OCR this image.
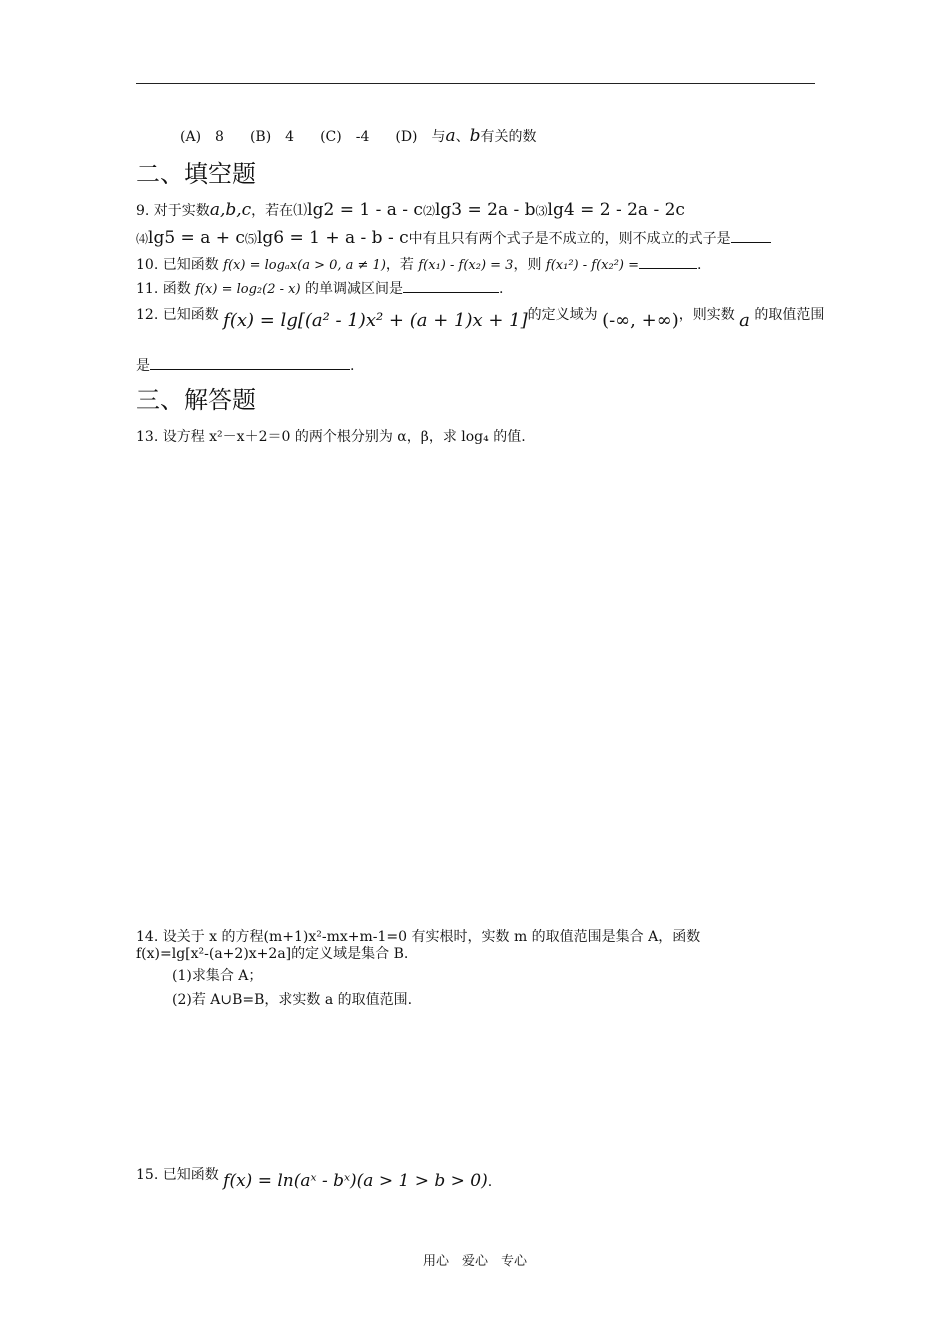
(A)　8 (B)　4 (C)　-4 (D)　与a、b有关的数
二、填空题
9. 对于实数a,b,c，若在⑴lg2 = 1 - a - c⑵lg3 = 2a - b⑶lg4 = 2 - 2a - 2c
⑷lg5 = a + c⑸lg6 = 1 + a - b - c中有且只有两个式子是不成立的，则不成立的式子是
10. 已知函数 f(x) = logₐx(a > 0, a ≠ 1)，若 f(x₁) - f(x₂) = 3，则 f(x₁²) - f(x₂²) =	.
11. 函数 f(x) = log₂(2 - x) 的单调减区间是	.
12. 已知函数 f(x) = lg[(a² - 1)x² + (a + 1)x + 1]的定义域为 (-∞, +∞)，则实数 a 的取值范围
是	.
三、解答题
13. 设方程 x²－x＋2＝0 的两个根分别为 α，β，求 log₄ 的值.
14. 设关于 x 的方程(m+1)x²-mx+m-1=0 有实根时，实数 m 的取值范围是集合 A，函数
f(x)=lg[x²-(a+2)x+2a]的定义域是集合 B.
(1)求集合 A；
(2)若 A∪B=B，求实数 a 的取值范围.
15. 已知函数 f(x) = ln(aˣ - bˣ)(a > 1 > b > 0).
用心　爱心　专心
